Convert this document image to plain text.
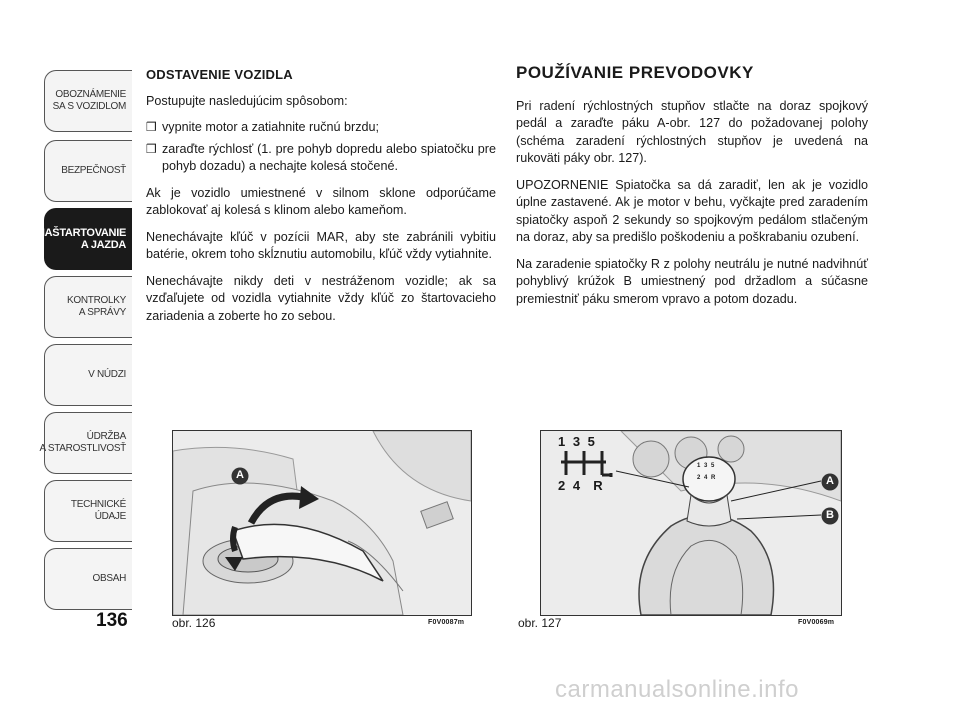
OBOZNÁMENIE
SA S VOZIDLOM
BEZPEČNOSŤ
NAŠTARTOVANIE
A JAZDA
KONTROLKY
A SPRÁVY
V NÚDZI
ÚDRŽBA
A STAROSTLIVOSŤ
TECHNICKÉ
ÚDAJE
OBSAH
136
ODSTAVENIE VOZIDLA

Postupujte nasledujúcim spôsobom:

❒ vypnite motor a zatiahnite ručnú brzdu;
❒ zaraďte rýchlosť (1. pre pohyb dopredu alebo spiatočku pre pohyb dozadu) a nechajte kolesá stočené.

Ak je vozidlo umiestnené v silnom sklone odporúčame zablokovať aj kolesá s klinom alebo kameňom.

Nenechávajte kľúč v pozícii MAR, aby ste zabránili vybitiu batérie, okrem toho skĺznutiu automobilu, kľúč vždy vytiahnite.

Nenechávajte nikdy deti v nestráženom vozidle; ak sa vzďaľujete od vozidla vytiahnite vždy kľúč zo štartovacieho zariadenia a zoberte ho zo sebou.

POUŽÍVANIE PREVODOVKY

Pri radení rýchlostných stupňov stlačte na doraz spojkový pedál a zaraďte páku A-obr. 127 do požadovanej polohy (schéma zaradení rýchlostných stupňov je uvedená na rukoväti páky obr. 127).

UPOZORNENIE Spiatočka sa dá zaradiť, len ak je vozidlo úplne zastavené. Ak je motor v behu, vyčkajte pred zaradením spiatočky aspoň 2 sekundy so spojkovým pedálom stlačeným na doraz, aby sa predišlo poškodeniu a poškrabaniu ozubení.

Na zaradenie spiatočky R z polohy neutrálu je nutné nadvihnúť pohyblivý krúžok B umiestnený pod držadlom a súčasne premiestniť páku smerom vpravo a potom dozadu.

A
obr. 126	F0V0087m
1 3 5
2 4  R
1 3 5
2 4 R	A
B
obr. 127	F0V0069m
carmanualsonline.info
